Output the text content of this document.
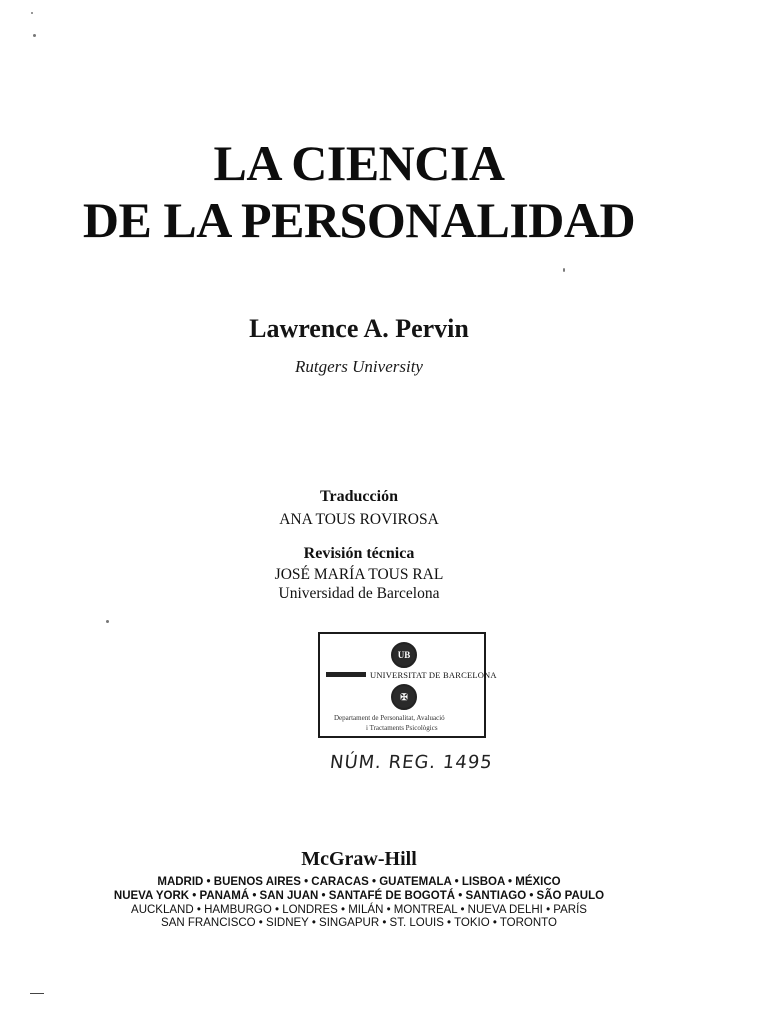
LA CIENCIA
DE LA PERSONALIDAD
Lawrence A. Pervin
Rutgers University
Traducción
ANA TOUS ROVIROSA
Revisión técnica
JOSÉ MARÍA TOUS RAL
Universidad de Barcelona
UB
UNIVERSITAT DE BARCELONA
✠
Departament de Personalitat, Avaluació
i Tractaments Psicològics
NÚM. REG. 1495
McGraw-Hill
MADRID • BUENOS AIRES • CARACAS • GUATEMALA • LISBOA • MÉXICO
NUEVA YORK • PANAMÁ • SAN JUAN • SANTAFÉ DE BOGOTÁ • SANTIAGO • SÃO PAULO
AUCKLAND • HAMBURGO • LONDRES • MILÁN • MONTREAL • NUEVA DELHI • PARÍS
SAN FRANCISCO • SIDNEY • SINGAPUR • ST. LOUIS • TOKIO • TORONTO
